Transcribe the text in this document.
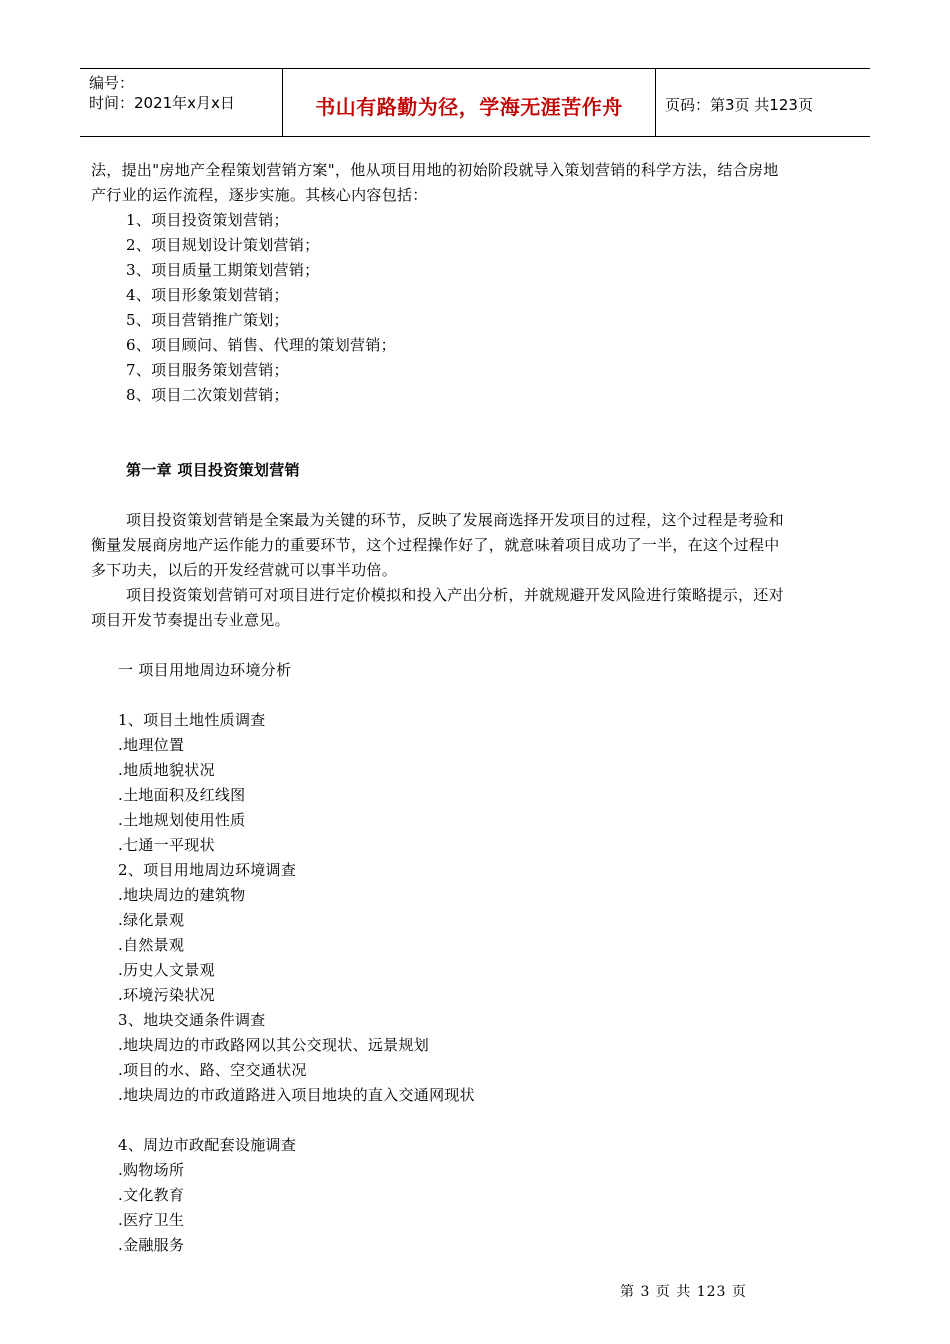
编号：
时间：2021年x月x日	书山有路勤为径，学海无涯苦作舟	页码：第3页 共123页
法，提出"房地产全程策划营销方案"，他从项目用地的初始阶段就导入策划营销的科学方法，结合房地
产行业的运作流程，逐步实施。其核心内容包括：
1、项目投资策划营销；
2、项目规划设计策划营销；
3、项目质量工期策划营销；
4、项目形象策划营销；
5、项目营销推广策划；
6、项目顾问、销售、代理的策划营销；
7、项目服务策划营销；
8、项目二次策划营销；
第一章 项目投资策划营销
项目投资策划营销是全案最为关键的环节，反映了发展商选择开发项目的过程，这个过程是考验和
衡量发展商房地产运作能力的重要环节，这个过程操作好了，就意味着项目成功了一半，在这个过程中
多下功夫，以后的开发经营就可以事半功倍。
项目投资策划营销可对项目进行定价模拟和投入产出分析，并就规避开发风险进行策略提示，还对
项目开发节奏提出专业意见。
一 项目用地周边环境分析
1、项目土地性质调查
.地理位置
.地质地貌状况
.土地面积及红线图
.土地规划使用性质
.七通一平现状
2、项目用地周边环境调查
.地块周边的建筑物
.绿化景观
.自然景观
.历史人文景观
.环境污染状况
3、地块交通条件调查
.地块周边的市政路网以其公交现状、远景规划
.项目的水、路、空交通状况
.地块周边的市政道路进入项目地块的直入交通网现状
4、周边市政配套设施调查
.购物场所
.文化教育
.医疗卫生
.金融服务
第 3 页 共 123 页
